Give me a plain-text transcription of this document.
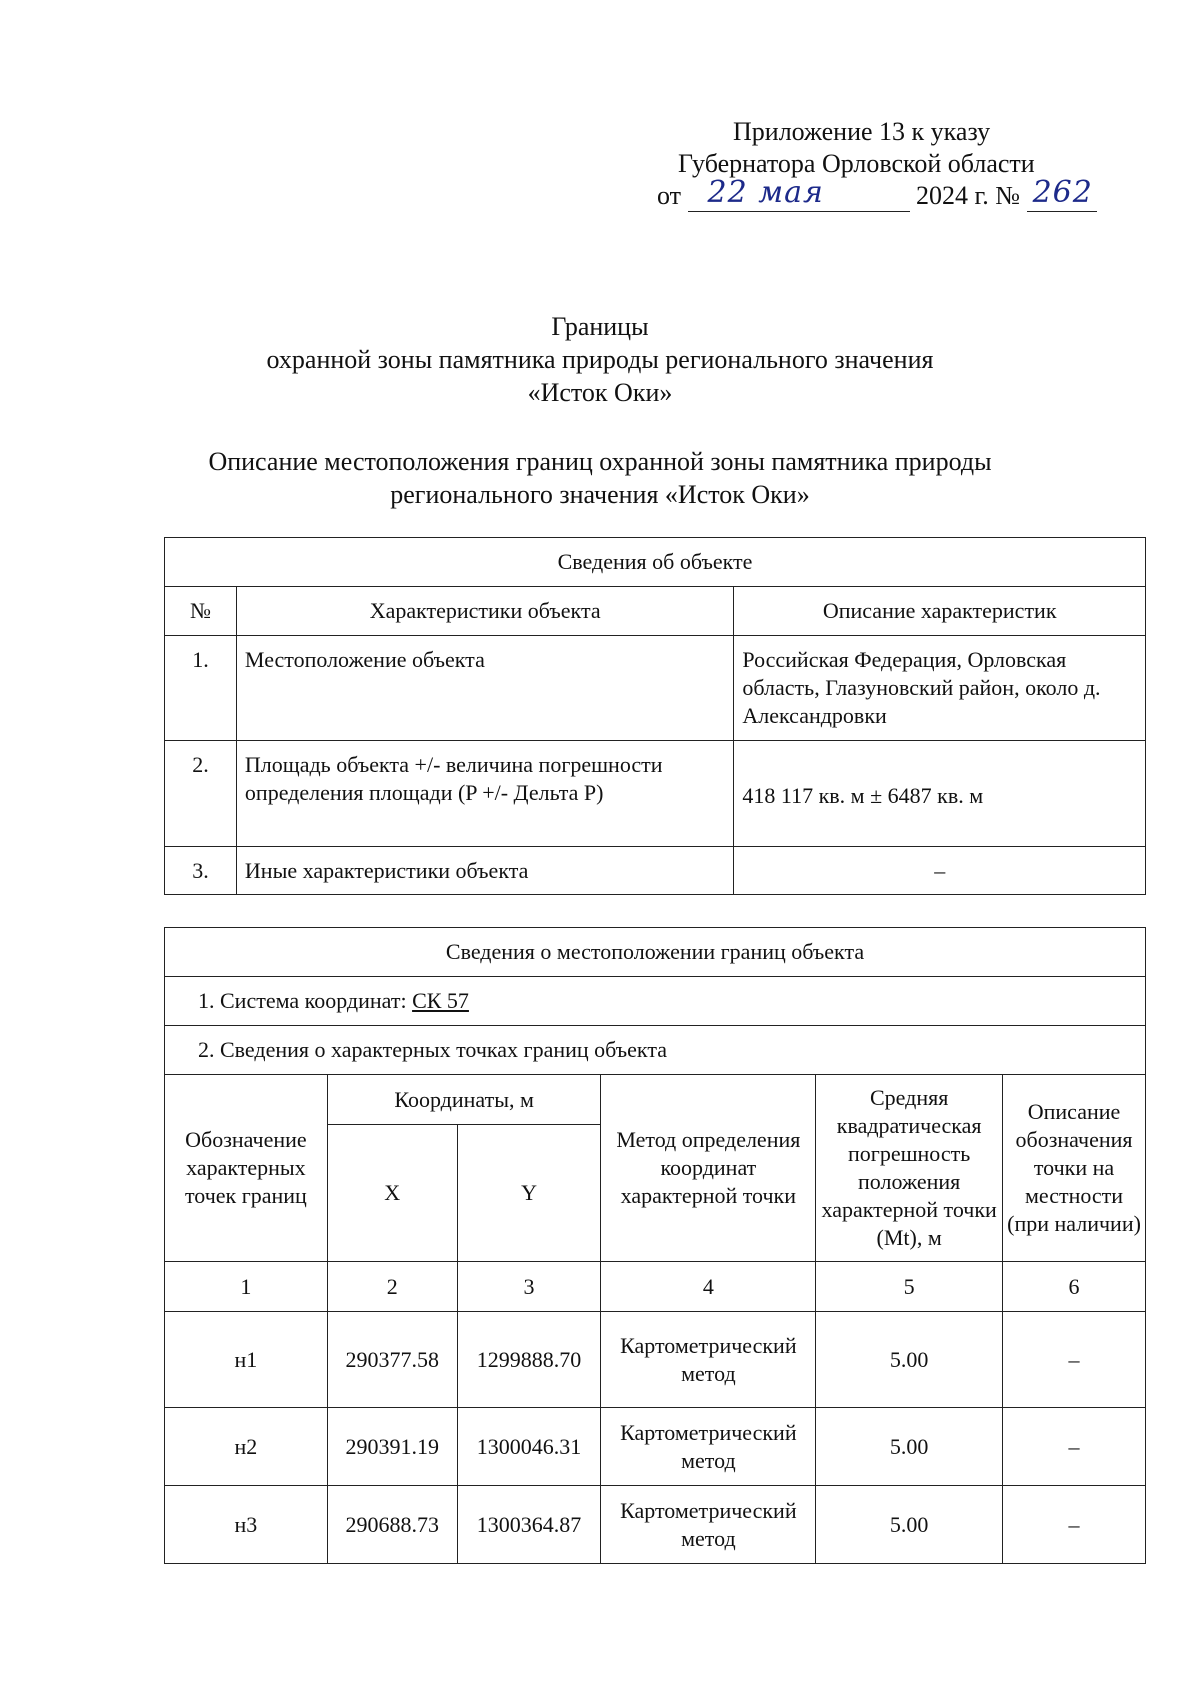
Приложение 13 к указу
Губернатора Орловской области
от 22 мая	2024 г. № 262
Границы
охранной зоны памятника природы регионального значения
«Исток Оки»
Описание местоположения границ охранной зоны памятника природы
регионального значения «Исток Оки»
Сведения об объекте		
№	Характеристики объекта	Описание характеристик
1.	Местоположение объекта	Российская Федерация, Орловская область, Глазуновский район, около д. Александровки
2.	Площадь объекта +/- величина погрешности определения площади (P +/- Дельта P)	418 117 кв. м ± 6487 кв. м
3.	Иные характеристики объекта	–
Сведения о местоположении границ объекта					
1. Система координат: СК 57					
2. Сведения о характерных точках границ объекта					
Обозначение характерных точек границ	Координаты, м		Метод определения координат характерной точки	Средняя квадратическая погрешность положения характерной точки (Mt), м	Описание обозначения точки на местности (при наличии)
	X	Y			
1	2	3	4	5	6
н1	290377.58	1299888.70	Картометрический метод	5.00	–
н2	290391.19	1300046.31	Картометрический метод	5.00	–
н3	290688.73	1300364.87	Картометрический метод	5.00	–
